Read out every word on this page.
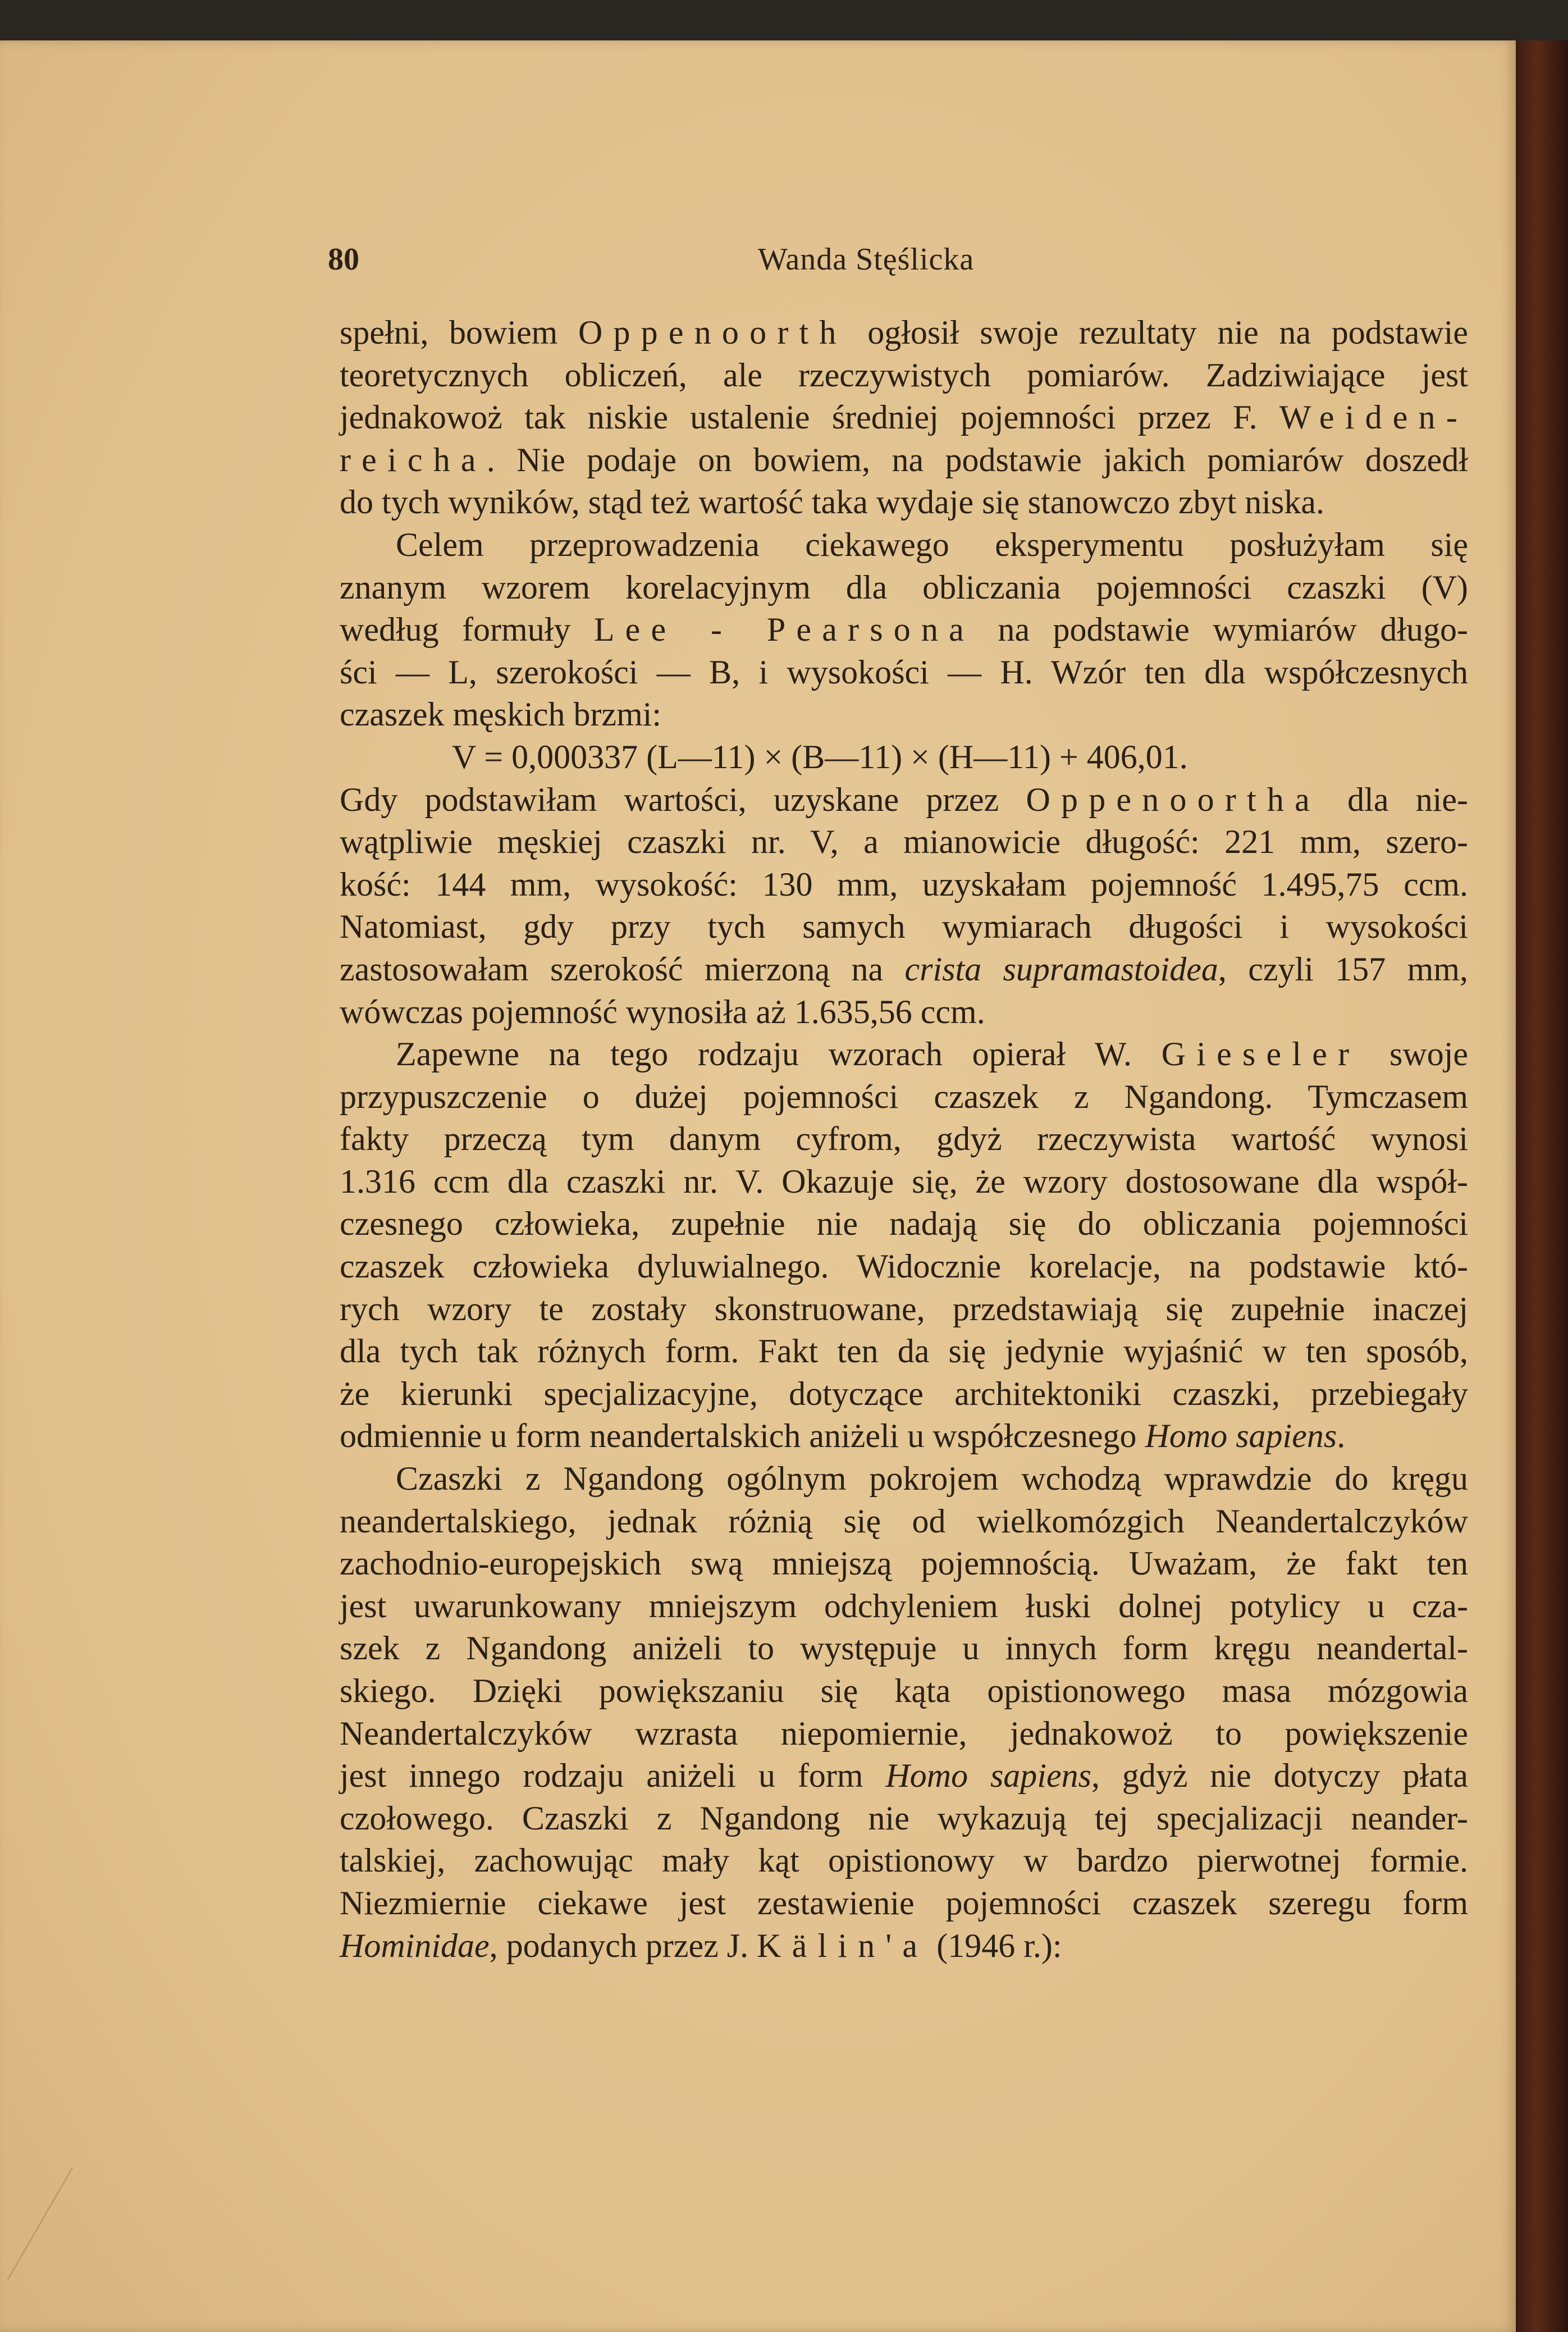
80	Wanda Stęślicka
spełni, bowiem Oppenoorth ogłosił swoje rezultaty nie na podstawie
teoretycznych obliczeń, ale rzeczywistych pomiarów. Zadziwiające jest
jednakowoż tak niskie ustalenie średniej pojemności przez F. Weiden-
reicha. Nie podaje on bowiem, na podstawie jakich pomiarów doszedł
do tych wyników, stąd też wartość taka wydaje się stanowczo zbyt niska.
Celem przeprowadzenia ciekawego eksperymentu posłużyłam się
znanym wzorem korelacyjnym dla obliczania pojemności czaszki (V)
według formuły Lee - Pearsona na podstawie wymiarów długo-
ści — L, szerokości — B, i wysokości — H. Wzór ten dla współczesnych
czaszek męskich brzmi:
V = 0,000337 (L—11) × (B—11) × (H—11) + 406,01.
Gdy podstawiłam wartości, uzyskane przez Oppenoortha dla nie-
wątpliwie męskiej czaszki nr. V, a mianowicie długość: 221 mm, szero-
kość: 144 mm, wysokość: 130 mm, uzyskałam pojemność 1.495,75 ccm.
Natomiast, gdy przy tych samych wymiarach długości i wysokości
zastosowałam szerokość mierzoną na crista supramastoidea, czyli 157 mm,
wówczas pojemność wynosiła aż 1.635,56 ccm.
Zapewne na tego rodzaju wzorach opierał W. Gieseler swoje
przypuszczenie o dużej pojemności czaszek z Ngandong. Tymczasem
fakty przeczą tym danym cyfrom, gdyż rzeczywista wartość wynosi
1.316 ccm dla czaszki nr. V. Okazuje się, że wzory dostosowane dla współ-
czesnego człowieka, zupełnie nie nadają się do obliczania pojemności
czaszek człowieka dyluwialnego. Widocznie korelacje, na podstawie któ-
rych wzory te zostały skonstruowane, przedstawiają się zupełnie inaczej
dla tych tak różnych form. Fakt ten da się jedynie wyjaśnić w ten sposób,
że kierunki specjalizacyjne, dotyczące architektoniki czaszki, przebiegały
odmiennie u form neandertalskich aniżeli u współczesnego Homo sapiens.
Czaszki z Ngandong ogólnym pokrojem wchodzą wprawdzie do kręgu
neandertalskiego, jednak różnią się od wielkomózgich Neandertalczyków
zachodnio-europejskich swą mniejszą pojemnością. Uważam, że fakt ten
jest uwarunkowany mniejszym odchyleniem łuski dolnej potylicy u cza-
szek z Ngandong aniżeli to występuje u innych form kręgu neandertal-
skiego. Dzięki powiększaniu się kąta opistionowego masa mózgowia
Neandertalczyków wzrasta niepomiernie, jednakowoż to powiększenie
jest innego rodzaju aniżeli u form Homo sapiens, gdyż nie dotyczy płata
czołowego. Czaszki z Ngandong nie wykazują tej specjalizacji neander-
talskiej, zachowując mały kąt opistionowy w bardzo pierwotnej formie.
Niezmiernie ciekawe jest zestawienie pojemności czaszek szeregu form
Hominidae, podanych przez J. Kälin'a (1946 r.):
